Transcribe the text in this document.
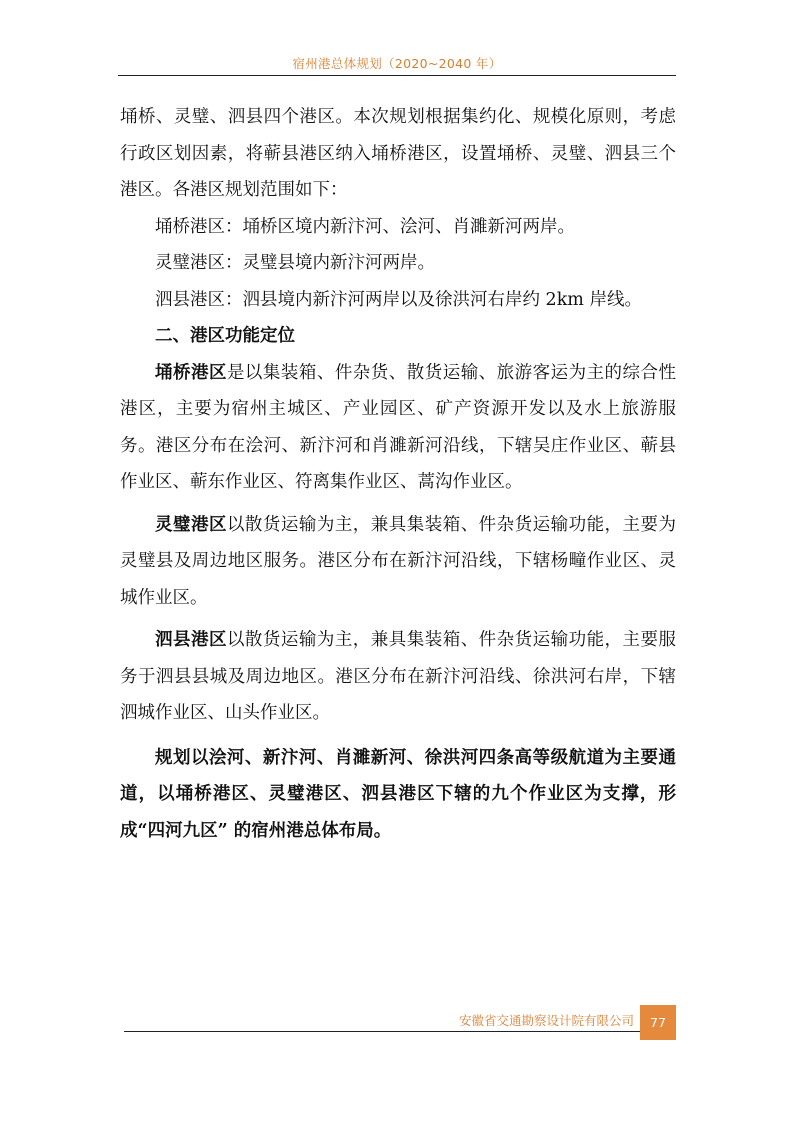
宿州港总体规划（2020~2040 年）

埇桥、灵璧、泗县四个港区。本次规划根据集约化、规模化原则，考虑行政区划因素，将蕲县港区纳入埇桥港区，设置埇桥、灵璧、泗县三个港区。各港区规划范围如下：

埇桥港区：埇桥区境内新汴河、浍河、肖濉新河两岸。

灵璧港区：灵璧县境内新汴河两岸。

泗县港区：泗县境内新汴河两岸以及徐洪河右岸约 2km 岸线。

二、港区功能定位

埇桥港区是以集装箱、件杂货、散货运输、旅游客运为主的综合性港区，主要为宿州主城区、产业园区、矿产资源开发以及水上旅游服务。港区分布在浍河、新汴河和肖濉新河沿线，下辖吴庄作业区、蕲县作业区、蕲东作业区、符离集作业区、蒿沟作业区。

灵璧港区以散货运输为主，兼具集装箱、件杂货运输功能，主要为灵璧县及周边地区服务。港区分布在新汴河沿线，下辖杨疃作业区、灵城作业区。

泗县港区以散货运输为主，兼具集装箱、件杂货运输功能，主要服务于泗县县城及周边地区。港区分布在新汴河沿线、徐洪河右岸，下辖泗城作业区、山头作业区。

规划以浍河、新汴河、肖濉新河、徐洪河四条高等级航道为主要通道，以埇桥港区、灵璧港区、泗县港区下辖的九个作业区为支撑，形成“四河九区” 的宿州港总体布局。

安徽省交通勘察设计院有限公司 77
